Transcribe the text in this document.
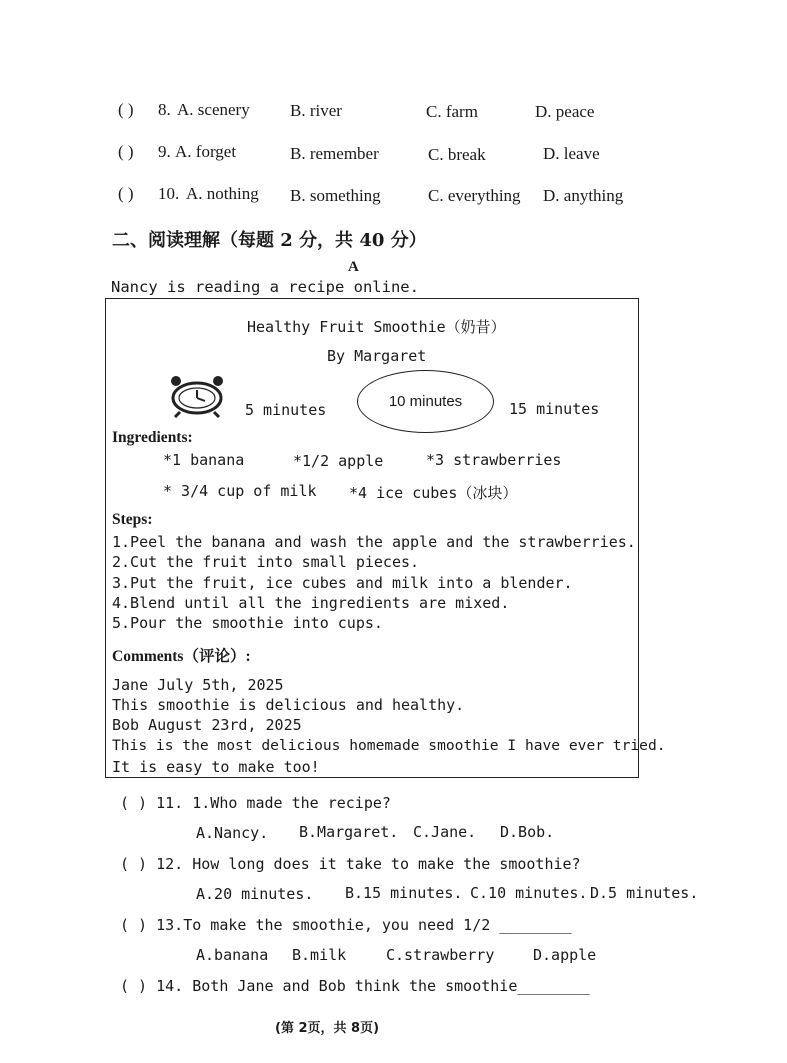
( ) 8. A. scenery B. river	C. farm	D. peace
( ) 9. A. forget	B. remember	C. break	D. leave
( ) 10. A. nothing B. something	C. everything D. anything
二、阅读理解（每题 2 分，共 40 分）
A
Nancy is reading a recipe online.
Healthy Fruit Smoothie（奶昔）
By Margaret
5 minutes	10 minutes	15 minutes
Ingredients:
*1 banana	*1/2 apple	*3 strawberries
* 3/4 cup of milk *4 ice cubes（冰块）
Steps:
1.Peel the banana and wash the apple and the strawberries.
2.Cut the fruit into small pieces.
3.Put the fruit, ice cubes and milk into a blender.
4.Blend until all the ingredients are mixed.
5.Pour the smoothie into cups.
Comments（评论）:
Jane July 5th, 2025
This smoothie is delicious and healthy.
Bob August 23rd, 2025
This is the most delicious homemade smoothie I have ever tried.
It is easy to make too!
( ) 11. 1.Who made the recipe?
A.Nancy. B.Margaret. C.Jane. D.Bob.
( ) 12. How long does it take to make the smoothie?
A.20 minutes. B.15 minutes. C.10 minutes. D.5 minutes.
( ) 13.To make the smoothie, you need 1/2 ________
A.banana B.milk	C.strawberry	D.apple
( ) 14. Both Jane and Bob think the smoothie________
(第 2页，共 8页)
